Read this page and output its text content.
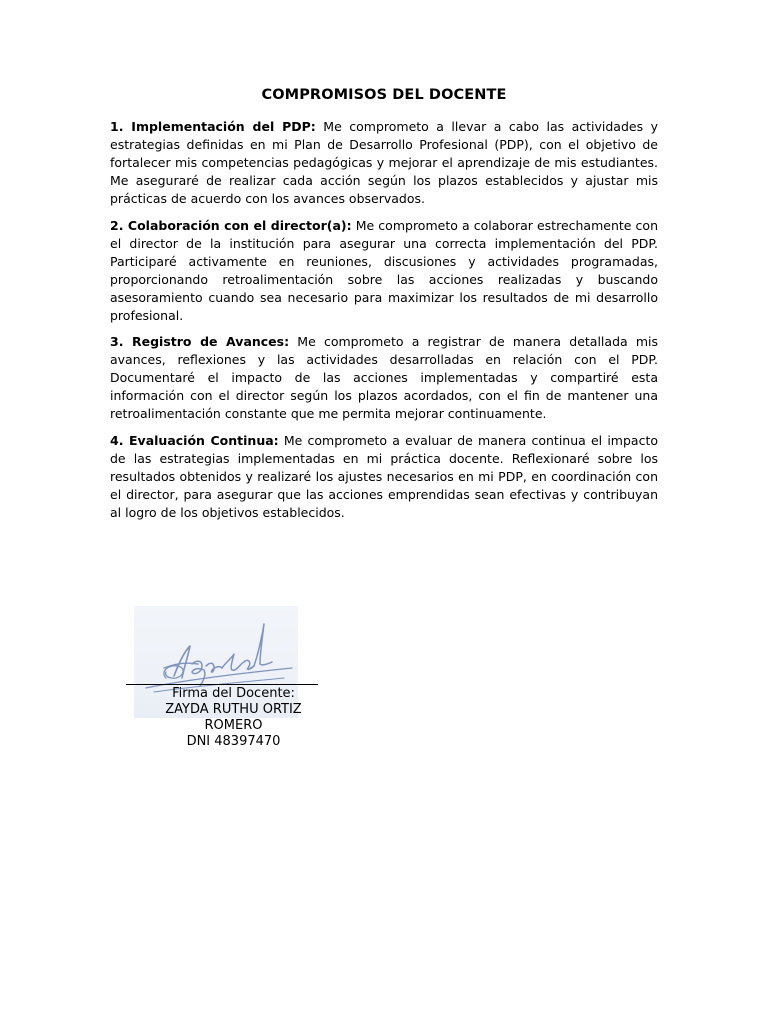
COMPROMISOS DEL DOCENTE

1. Implementación del PDP: Me comprometo a llevar a cabo las actividades y estrategias definidas en mi Plan de Desarrollo Profesional (PDP), con el objetivo de fortalecer mis competencias pedagógicas y mejorar el aprendizaje de mis estudiantes. Me aseguraré de realizar cada acción según los plazos establecidos y ajustar mis prácticas de acuerdo con los avances observados.

2. Colaboración con el director(a): Me comprometo a colaborar estrechamente con el director de la institución para asegurar una correcta implementación del PDP. Participaré activamente en reuniones, discusiones y actividades programadas, proporcionando retroalimentación sobre las acciones realizadas y buscando asesoramiento cuando sea necesario para maximizar los resultados de mi desarrollo profesional.

3. Registro de Avances: Me comprometo a registrar de manera detallada mis avances, reflexiones y las actividades desarrolladas en relación con el PDP. Documentaré el impacto de las acciones implementadas y compartiré esta información con el director según los plazos acordados, con el fin de mantener una retroalimentación constante que me permita mejorar continuamente.

4. Evaluación Continua: Me comprometo a evaluar de manera continua el impacto de las estrategias implementadas en mi práctica docente. Reflexionaré sobre los resultados obtenidos y realizaré los ajustes necesarios en mi PDP, en coordinación con el director, para asegurar que las acciones emprendidas sean efectivas y contribuyan al logro de los objetivos establecidos.

Firma del Docente:
ZAYDA RUTHU ORTIZ
ROMERO
DNI 48397470
